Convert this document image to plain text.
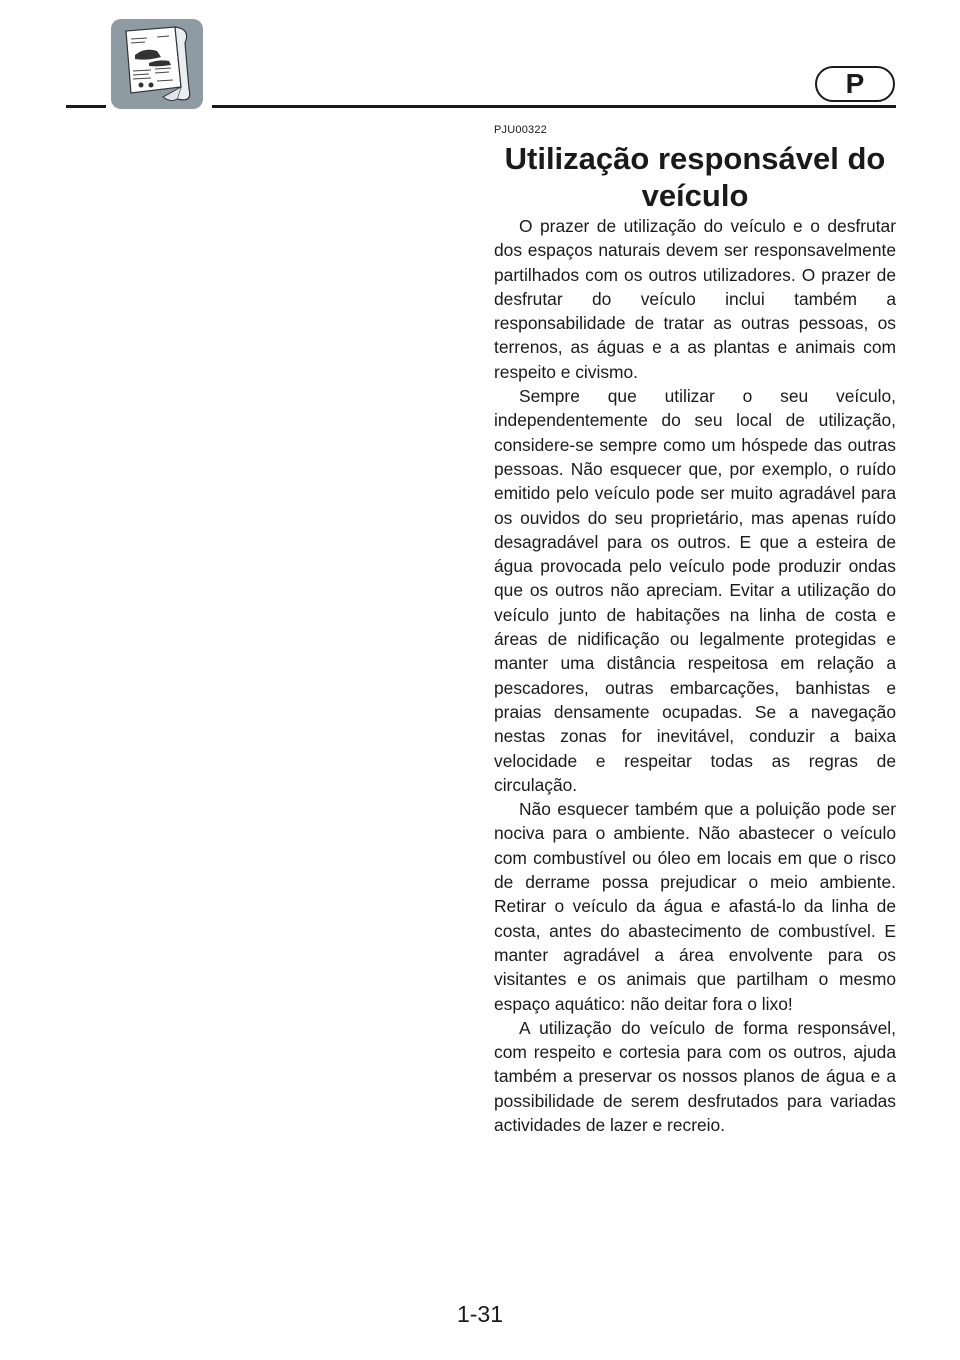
P
PJU00322
Utilização responsável do veículo

O prazer de utilização do veículo e o desfrutar dos espaços naturais devem ser responsavelmente partilhados com os outros utilizadores. O prazer de desfrutar do veículo inclui também a responsabilidade de tratar as outras pessoas, os terrenos, as águas e a as plantas e animais com respeito e civismo.

Sempre que utilizar o seu veículo, independentemente do seu local de utilização, considere-se sempre como um hóspede das outras pessoas. Não esquecer que, por exemplo, o ruído emitido pelo veículo pode ser muito agradável para os ouvidos do seu proprietário, mas apenas ruído desagradável para os outros. E que a esteira de água provocada pelo veículo pode produzir ondas que os outros não apreciam. Evitar a utilização do veículo junto de habitações na linha de costa e áreas de nidificação ou legalmente protegidas e manter uma distância respeitosa em relação a pescadores, outras embarcações, banhistas e praias densamente ocupadas. Se a navegação nestas zonas for inevitável, conduzir a baixa velocidade e respeitar todas as regras de circulação.

Não esquecer também que a poluição pode ser nociva para o ambiente. Não abastecer o veículo com combustível ou óleo em locais em que o risco de derrame possa prejudicar o meio ambiente. Retirar o veículo da água e afastá-lo da linha de costa, antes do abastecimento de combustível. E manter agradável a área envolvente para os visitantes e os animais que partilham o mesmo espaço aquático: não deitar fora o lixo!

A utilização do veículo de forma responsável, com respeito e cortesia para com os outros, ajuda também a preservar os nossos planos de água e a possibilidade de serem desfrutados para variadas actividades de lazer e recreio.

1-31
